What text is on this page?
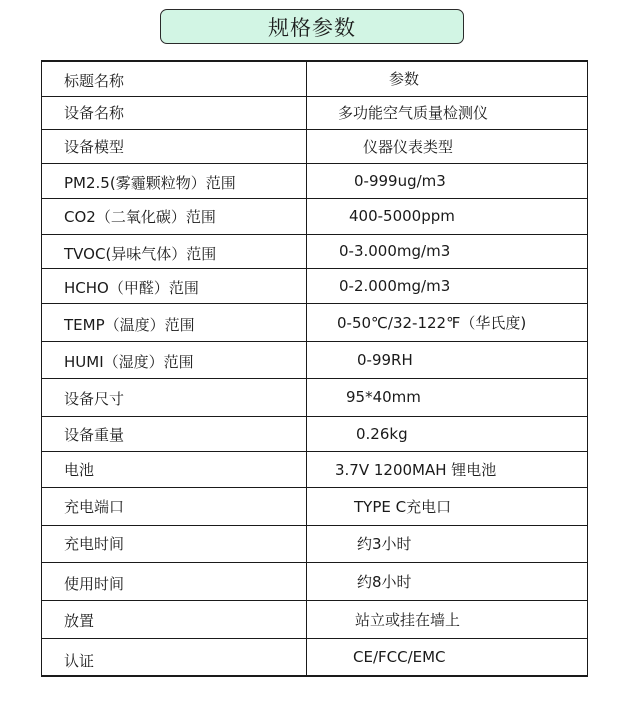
规格参数
标题名称	参数
设备名称	多功能空气质量检测仪
设备模型	仪器仪表类型
PM2.5(雾霾颗粒物）范围	0-999ug/m3
CO2（二氧化碳）范围	400-5000ppm
TVOC(异味气体）范围	0-3.000mg/m3
HCHO（甲醛）范围	0-2.000mg/m3
TEMP（温度）范围	0-50℃/32-122℉（华氏度)
HUMI（湿度）范围	0-99RH
设备尺寸	95*40mm
设备重量	0.26kg
电池	3.7V 1200MAH 锂电池
充电端口	TYPE C充电口
充电时间	约3小时
使用时间	约8小时
放置	站立或挂在墙上
认证	CE/FCC/EMC
